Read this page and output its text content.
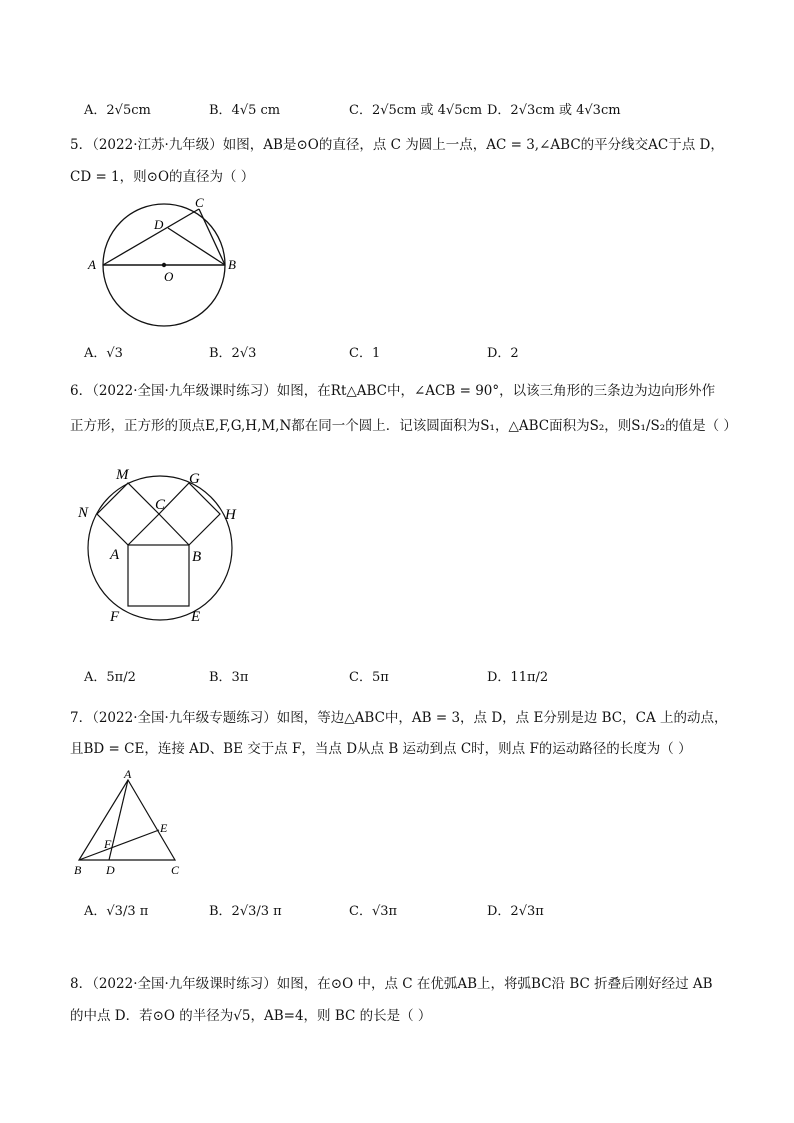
A．2√5cm	B．4√5 cm	C．2√5cm 或 4√5cm D．2√3cm 或 4√3cm
5．（2022·江苏·九年级）如图，AB是⊙O的直径，点 C 为圆上一点，AC = 3,∠ABC的平分线交AC于点 D，
CD = 1，则⊙O的直径为（ ）
A	B
C
D
O
A．√3	B．2√3	C．1	D．2
6．（2022·全国·九年级课时练习）如图，在Rt△ABC中，∠ACB = 90°，以该三角形的三条边为边向形外作
正方形，正方形的顶点E,F,G,H,M,N都在同一个圆上．记该圆面积为S₁，△ABC面积为S₂，则S₁/S₂的值是（ ）
M	G
C
N	H
A	B
F	E
A．5π/2	B．3π	C．5π	D．11π/2
7．（2022·全国·九年级专题练习）如图，等边△ABC中，AB = 3，点 D，点 E分别是边 BC，CA 上的动点，
且BD = CE，连接 AD、BE 交于点 F，当点 D从点 B 运动到点 C时，则点 F的运动路径的长度为（ ）
A
E
F
B D	C
A．√3/3 π	B．2√3/3 π	C．√3π	D．2√3π
8．（2022·全国·九年级课时练习）如图，在⊙O 中，点 C 在优弧AB上，将弧BC沿 BC 折叠后刚好经过 AB
的中点 D．若⊙O 的半径为√5，AB=4，则 BC 的长是（ ）
